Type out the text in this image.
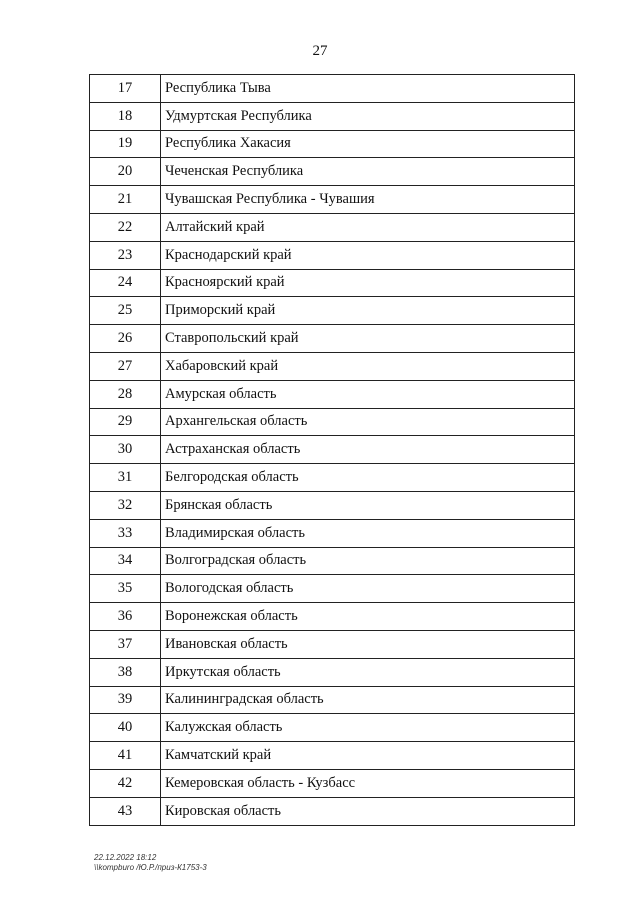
27
17	Республика Тыва
18	Удмуртская Республика
19	Республика Хакасия
20	Чеченская Республика
21	Чувашская Республика - Чувашия
22	Алтайский край
23	Краснодарский край
24	Красноярский край
25	Приморский край
26	Ставропольский край
27	Хабаровский край
28	Амурская область
29	Архангельская область
30	Астраханская область
31	Белгородская область
32	Брянская область
33	Владимирская область
34	Волгоградская область
35	Вологодская область
36	Воронежская область
37	Ивановская область
38	Иркутская область
39	Калининградская область
40	Калужская область
41	Камчатский край
42	Кемеровская область - Кузбасс
43	Кировская область
22.12.2022 18:12
\\kompburo /Ю.Р./приз-К1753-3
